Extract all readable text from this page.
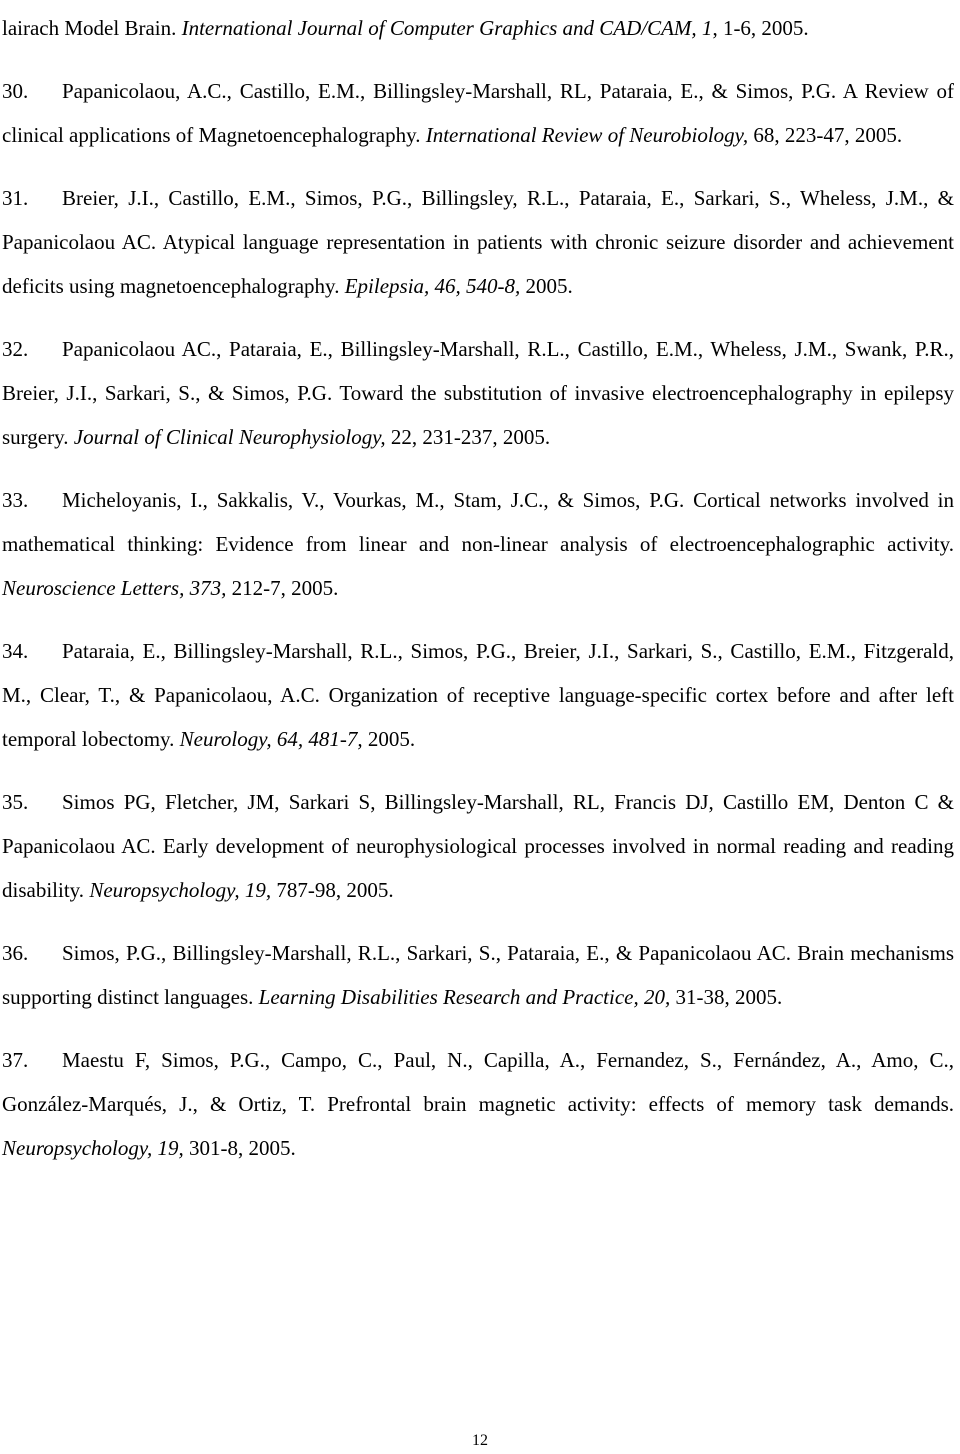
lairach Model Brain. International Journal of Computer Graphics and CAD/CAM, 1, 1-6, 2005.

30. Papanicolaou, A.C., Castillo, E.M., Billingsley-Marshall, RL, Pataraia, E., & Simos, P.G. A Review of clinical applications of Magnetoencephalography. International Review of Neurobiology, 68, 223-47, 2005.

31. Breier, J.I., Castillo, E.M., Simos, P.G., Billingsley, R.L., Pataraia, E., Sarkari, S., Wheless, J.M., & Papanicolaou AC. Atypical language representation in patients with chronic seizure disorder and achievement deficits using magnetoencephalography. Epilepsia, 46, 540-8, 2005.

32. Papanicolaou AC., Pataraia, E., Billingsley-Marshall, R.L., Castillo, E.M., Wheless, J.M., Swank, P.R., Breier, J.I., Sarkari, S., & Simos, P.G. Toward the substitution of invasive electroencephalography in epilepsy surgery. Journal of Clinical Neurophysiology, 22, 231-237, 2005.

33. Micheloyanis, I., Sakkalis, V., Vourkas, M., Stam, J.C., & Simos, P.G. Cortical networks involved in mathematical thinking: Evidence from linear and non-linear analysis of electroencephalographic activity. Neuroscience Letters, 373, 212-7, 2005.

34. Pataraia, E., Billingsley-Marshall, R.L., Simos, P.G., Breier, J.I., Sarkari, S., Castillo, E.M., Fitzgerald, M., Clear, T., & Papanicolaou, A.C. Organization of receptive language-specific cortex before and after left temporal lobectomy. Neurology, 64, 481-7, 2005.

35. Simos PG, Fletcher, JM, Sarkari S, Billingsley-Marshall, RL, Francis DJ, Castillo EM, Denton C & Papanicolaou AC. Early development of neurophysiological processes involved in normal reading and reading disability. Neuropsychology, 19, 787-98, 2005.

36. Simos, P.G., Billingsley-Marshall, R.L., Sarkari, S., Pataraia, E., & Papanicolaou AC. Brain mechanisms supporting distinct languages. Learning Disabilities Research and Practice, 20, 31-38, 2005.

37. Maestu F, Simos, P.G., Campo, C., Paul, N., Capilla, A., Fernandez, S., Fernández, A., Amo, C., González-Marqués, J., & Ortiz, T. Prefrontal brain magnetic activity: effects of memory task demands. Neuropsychology, 19, 301-8, 2005.

12
